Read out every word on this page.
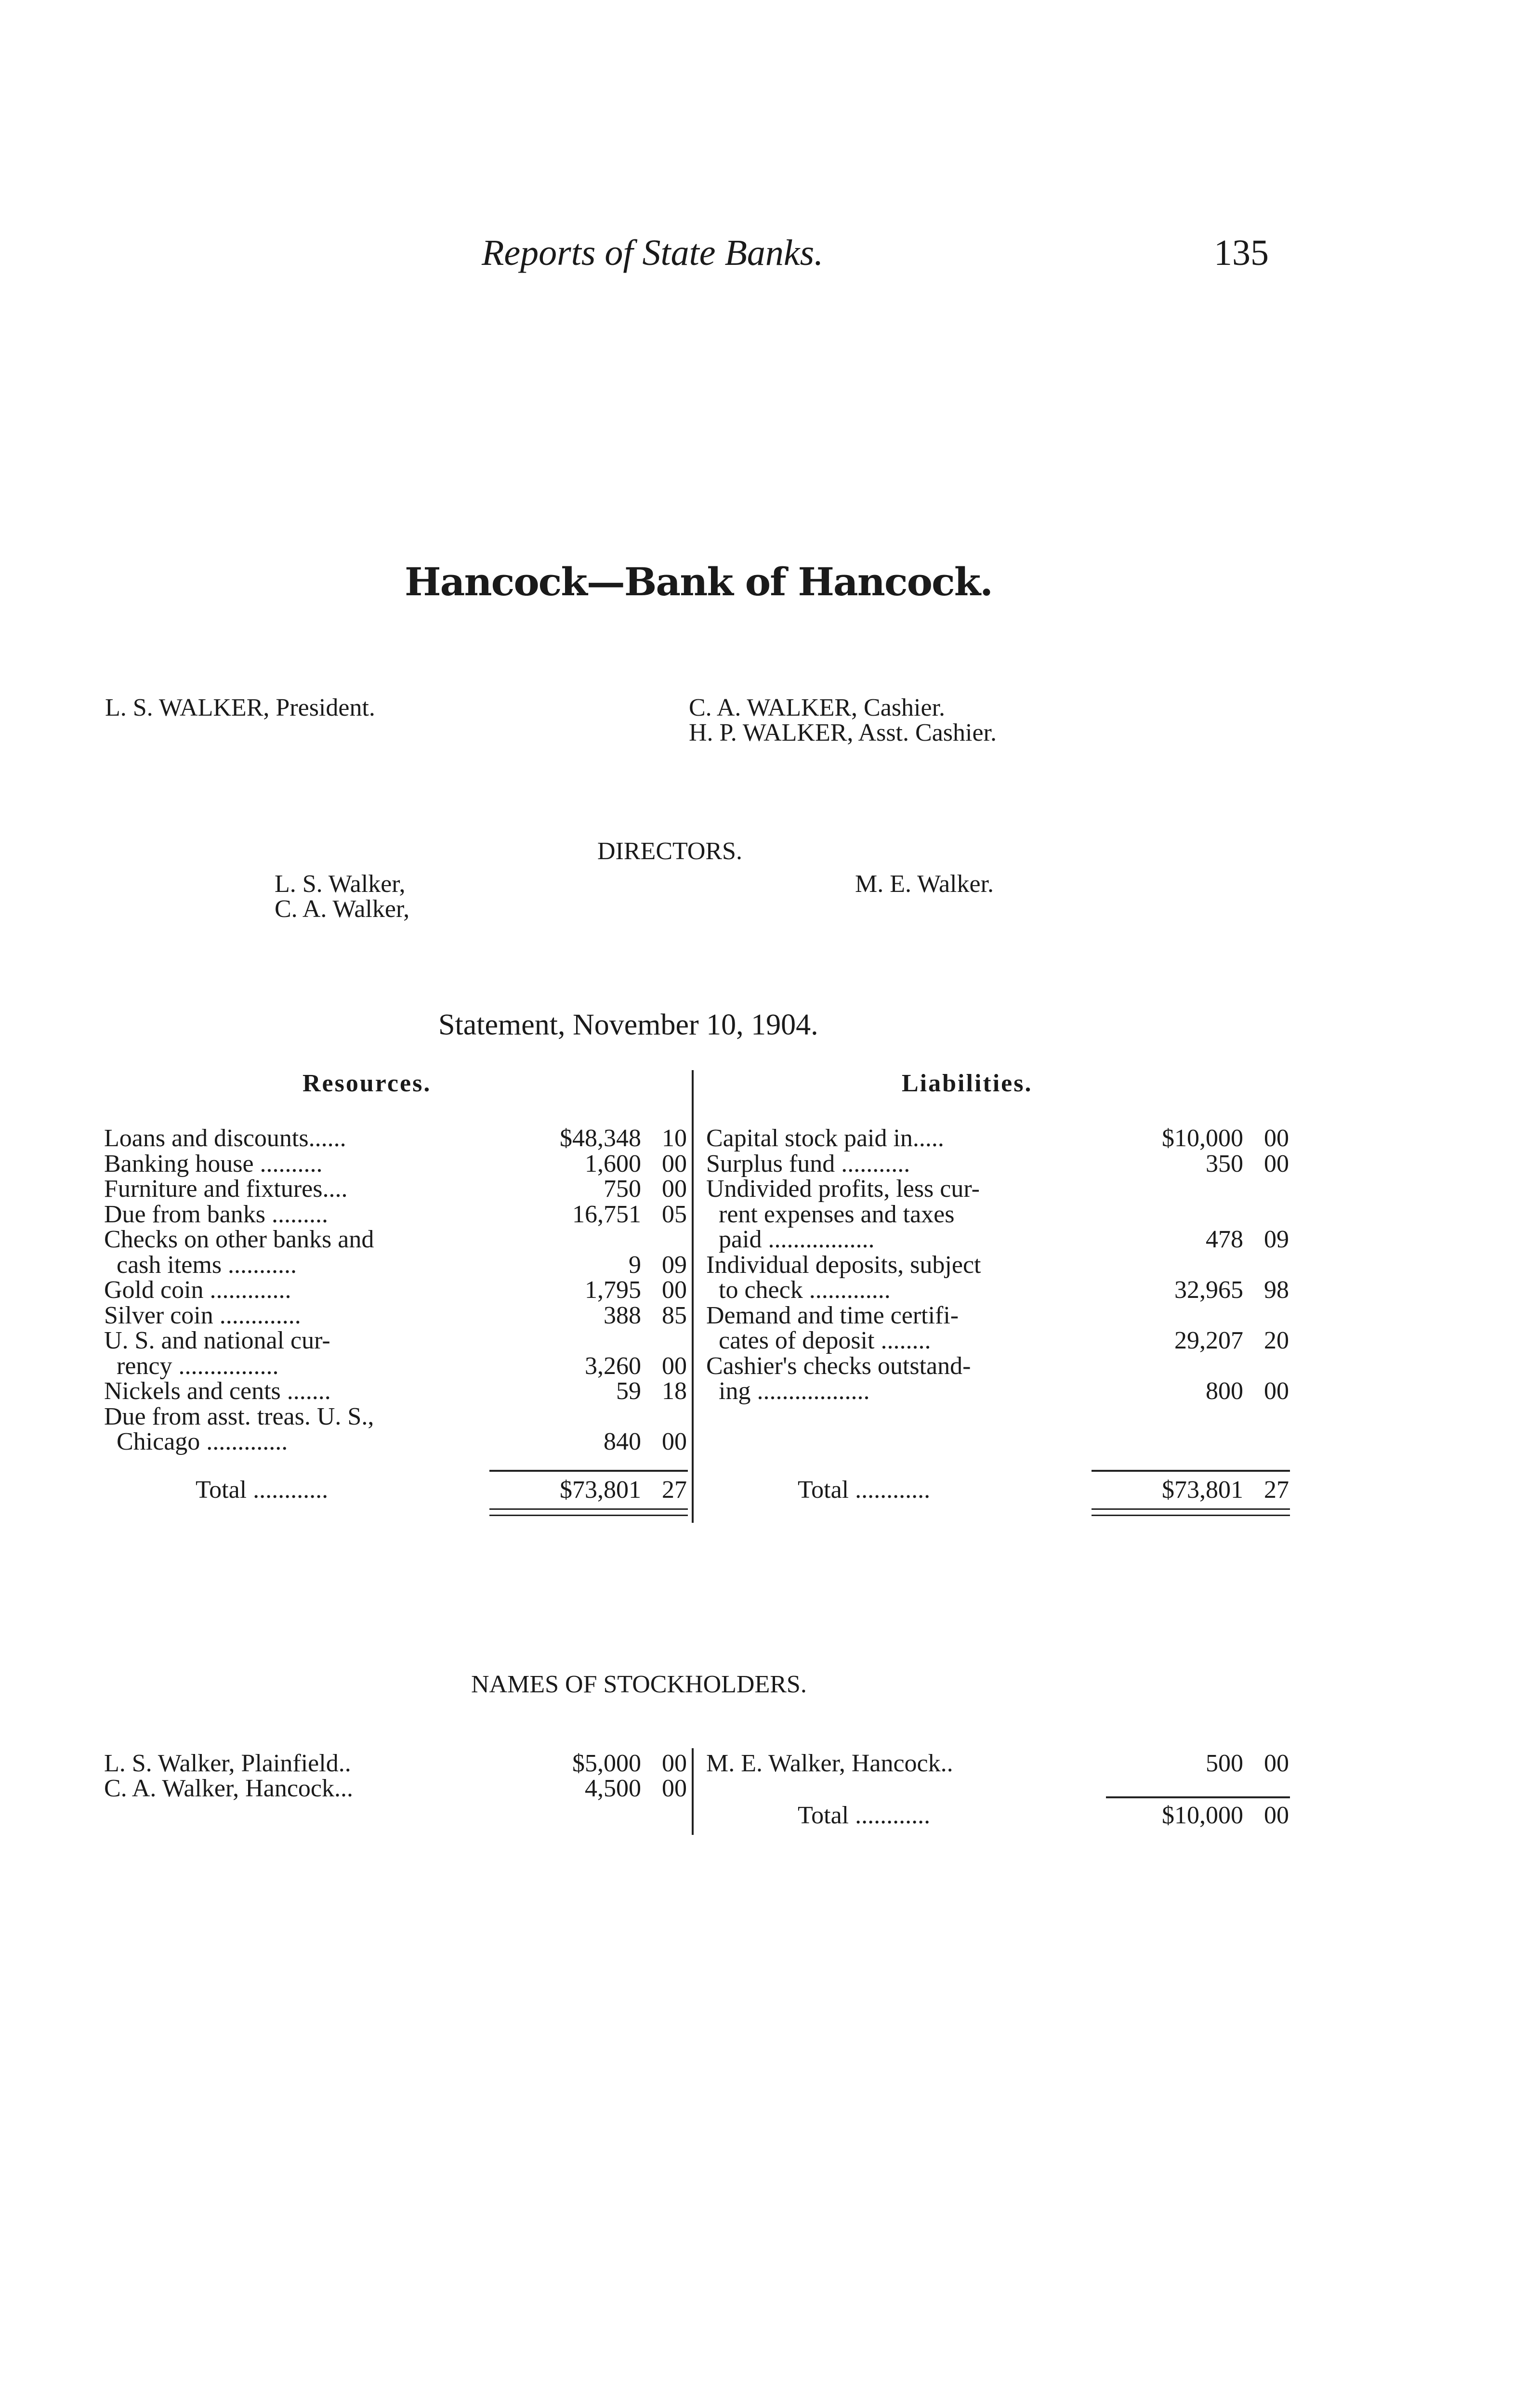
Reports of State Banks.	135
Hancock—Bank of Hancock.
L. S. WALKER, President.	C. A. WALKER, Cashier.
H. P. WALKER, Asst. Cashier.
DIRECTORS.
L. S. Walker,
C. A. Walker,
M. E. Walker.
Statement, November 10, 1904.
Resources.	Liabilities.
Loans and discounts......	$48,348 10
Banking house ..........	1,600 00
Furniture and fixtures....	750 00
Due from banks .........	16,751 05
Checks on other banks and
cash items ...........	9 09
Gold coin .............	1,795 00
Silver coin .............	388 85
U. S. and national cur-
rency ................	3,260 00
Nickels and cents .......	59 18
Due from asst. treas. U. S.,
Chicago .............	840 00
Capital stock paid in.....	$10,000 00
Surplus fund ...........	350 00
Undivided profits, less cur-
rent expenses and taxes
paid .................	478 09
Individual deposits, subject
to check .............	32,965 98
Demand and time certifi-
cates of deposit ........	29,207 20
Cashier's checks outstand-
ing ..................	800 00
Total ............	$73,801 27	Total ............	$73,801 27
NAMES OF STOCKHOLDERS.
L. S. Walker, Plainfield..	$5,000 00
C. A. Walker, Hancock...	4,500 00
M. E. Walker, Hancock..	500 00
Total ............	$10,000 00
